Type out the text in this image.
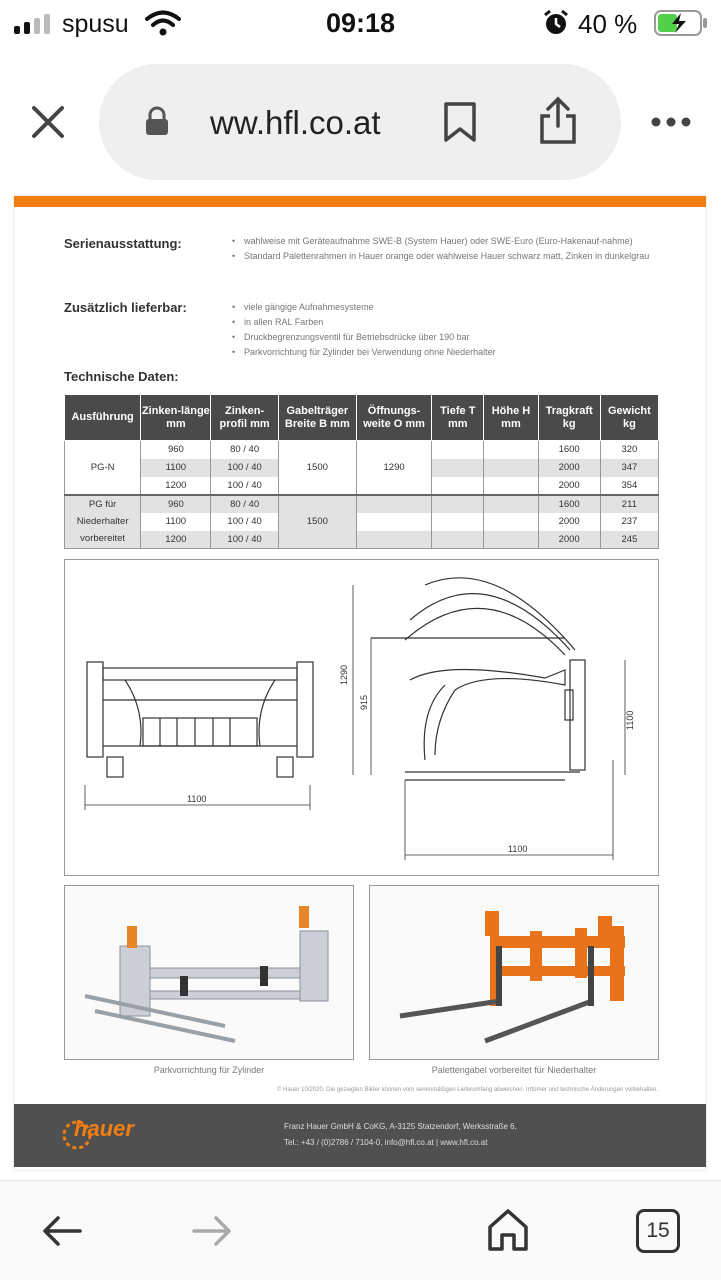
spusu	09:18	40 %
ww.hfl.co.at
Serienausstattung:	• wahlweise mit Geräteaufnahme SWE-B (System Hauer) oder SWE-Euro (Euro-Hakenauf-nahme)
• Standard Palettenrahmen in Hauer orange oder wahlweise Hauer schwarz matt, Zinken in dunkelgrau
Zusätzlich lieferbar:	• viele gängige Aufnahmesysteme
• in allen RAL Farben
• Druckbegrenzungsventil für Betriebsdrücke über 190 bar
• Parkvorrichtung für Zylinder bei Verwendung ohne Niederhalter
Technische Daten:
Ausführung	Zinken-länge mm	Zinken-profil mm	Gabelträger Breite B mm	Öffnungs-weite O mm	Tiefe T mm	Höhe H mm	Tragkraft kg	Gewicht kg
PG-N	960	80 / 40	1500	1290			1600	320
	1100	100 / 40					2000	347
	1200	100 / 40					2000	354
PG für
Niederhalter
vorbereitet	960	80 / 40	1500				1600	211
	1100	100 / 40					2000	237
	1200	100 / 40					2000	245
1100
1100
1290
915
1100
Parkvorrichtung für Zylinder	Palettengabel vorbereitet für Niederhalter
© Hauer 10/2020. Die gezeigten Bilder können vom serienmäßigen Lieferumfang abweichen. Irrtümer und technische Änderungen vorbehalten.
hauer	Franz Hauer GmbH & CoKG, A-3125 Statzendorf, Werksstraße 6,
Tel.: +43 / (0)2786 / 7104-0, info@hfl.co.at | www.hfl.co.at
15
